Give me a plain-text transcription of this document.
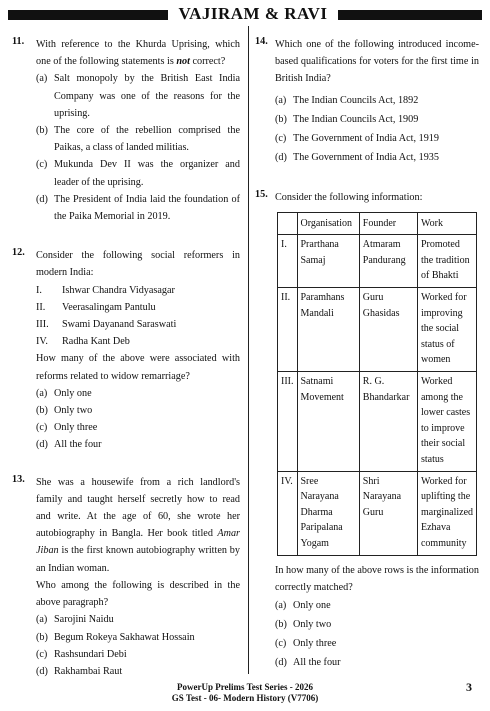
VAJIRAM & RAVI
11. With reference to the Khurda Uprising, which one of the following statements is not correct?
(a) Salt monopoly by the British East India Company was one of the reasons for the uprising.
(b) The core of the rebellion comprised the Paikas, a class of landed militias.
(c) Mukunda Dev II was the organizer and leader of the uprising.
(d) The President of India laid the foundation of the Paika Memorial in 2019.
12. Consider the following social reformers in modern India:
I. Ishwar Chandra Vidyasagar
II. Veerasalingam Pantulu
III. Swami Dayanand Saraswati
IV. Radha Kant Deb
How many of the above were associated with reforms related to widow remarriage?
(a) Only one
(b) Only two
(c) Only three
(d) All the four
13. She was a housewife from a rich landlord's family and taught herself secretly how to read and write. At the age of 60, she wrote her autobiography in Bangla. Her book titled Amar Jiban is the first known autobiography written by an Indian woman.
Who among the following is described in the above paragraph?
(a) Sarojini Naidu
(b) Begum Rokeya Sakhawat Hossain
(c) Rashsundari Debi
(d) Rakhambai Raut
14. Which one of the following introduced income-based qualifications for voters for the first time in British India?
(a) The Indian Councils Act, 1892
(b) The Indian Councils Act, 1909
(c) The Government of India Act, 1919
(d) The Government of India Act, 1935
15. Consider the following information:
	Organisation	Founder	Work
I.	Prarthana Samaj	Atmaram Pandurang	Promoted the tradition of Bhakti
II.	Paramhans Mandali	Guru Ghasidas	Worked for improving the social status of women
III.	Satnami Movement	R. G. Bhandarkar	Worked among the lower castes to improve their social status
IV.	Sree Narayana Dharma Paripalana Yogam	Shri Narayana Guru	Worked for uplifting the marginalized Ezhava community
In how many of the above rows is the information correctly matched?
(a) Only one
(b) Only two
(c) Only three
(d) All the four
PowerUp Prelims Test Series - 2026
GS Test - 06- Modern History (V7706)
3
